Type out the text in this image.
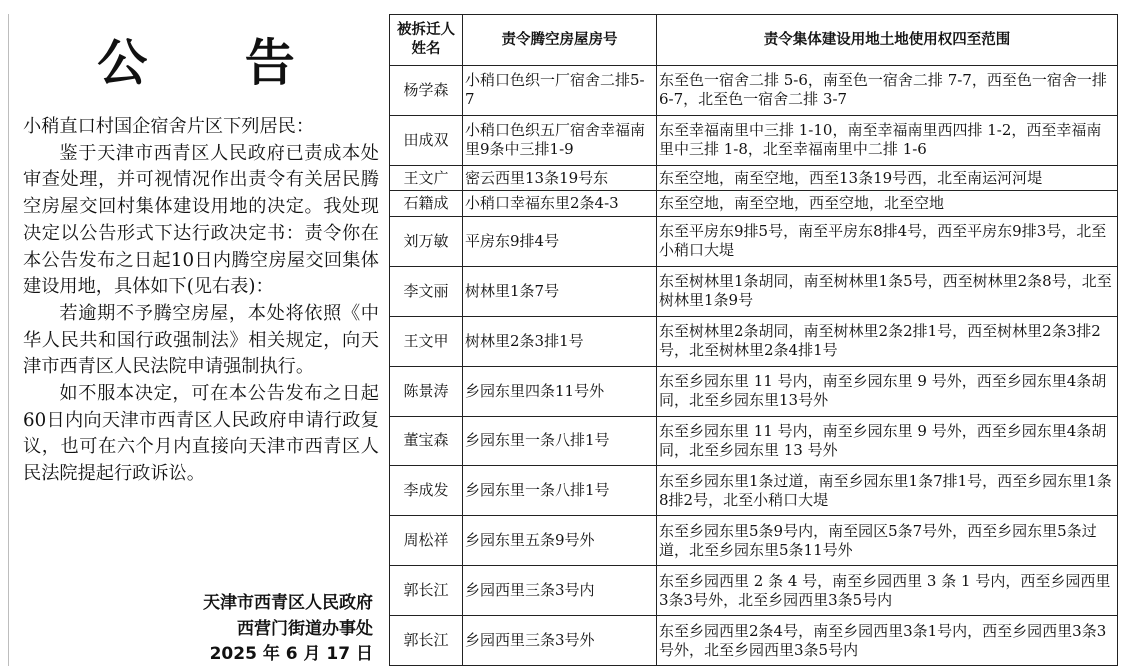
公 告

小稍直口村国企宿舍片区下列居民：

鉴于天津市西青区人民政府已责成本处审查处理，并可视情况作出责令有关居民腾空房屋交回村集体建设用地的决定。我处现决定以公告形式下达行政决定书：责令你在本公告发布之日起10日内腾空房屋交回集体建设用地，具体如下(见右表)：

若逾期不予腾空房屋，本处将依照《中华人民共和国行政强制法》相关规定，向天津市西青区人民法院申请强制执行。

如不服本决定，可在本公告发布之日起60日内向天津市西青区人民政府申请行政复议，也可在六个月内直接向天津市西青区人民法院提起行政诉讼。

天津市西青区人民政府
西营门街道办事处
2025 年 6 月 17 日
被拆迁人姓名	责令腾空房屋房号	责令集体建设用地土地使用权四至范围
杨学森	小稍口色织一厂宿舍二排5-7	东至色一宿舍二排 5-6，南至色一宿舍二排 7-7，西至色一宿舍一排 6-7，北至色一宿舍二排 3-7
田成双	小稍口色织五厂宿舍幸福南里9条中三排1-9	东至幸福南里中三排 1-10，南至幸福南里西四排 1-2，西至幸福南里中三排 1-8，北至幸福南里中二排 1-6
王文广	密云西里13条19号东	东至空地，南至空地，西至13条19号西，北至南运河河堤
石籍成	小稍口幸福东里2条4-3	东至空地，南至空地，西至空地，北至空地
刘万敏	平房东9排4号	东至平房东9排5号，南至平房东8排4号，西至平房东9排3号，北至小稍口大堤
李文丽	树林里1条7号	东至树林里1条胡同，南至树林里1条5号，西至树林里2条8号，北至树林里1条9号
王文甲	树林里2条3排1号	东至树林里2条胡同，南至树林里2条2排1号，西至树林里2条3排2号，北至树林里2条4排1号
陈景涛	乡园东里四条11号外	东至乡园东里 11 号内，南至乡园东里 9 号外，西至乡园东里4条胡同，北至乡园东里13号外
董宝森	乡园东里一条八排1号	东至乡园东里 11 号内，南至乡园东里 9 号外，西至乡园东里4条胡同，北至乡园东里 13 号外
李成发	乡园东里一条八排1号	东至乡园东里1条过道，南至乡园东里1条7排1号，西至乡园东里1条8排2号，北至小稍口大堤
周松祥	乡园东里五条9号外	东至乡园东里5条9号内，南至园区5条7号外，西至乡园东里5条过道，北至乡园东里5条11号外
郭长江	乡园西里三条3号内	东至乡园西里 2 条 4 号，南至乡园西里 3 条 1 号内，西至乡园西里3条3号外，北至乡园西里3条5号内
郭长江	乡园西里三条3号外	东至乡园西里2条4号，南至乡园西里3条1号内，西至乡园西里3条3号外，北至乡园西里3条5号内
